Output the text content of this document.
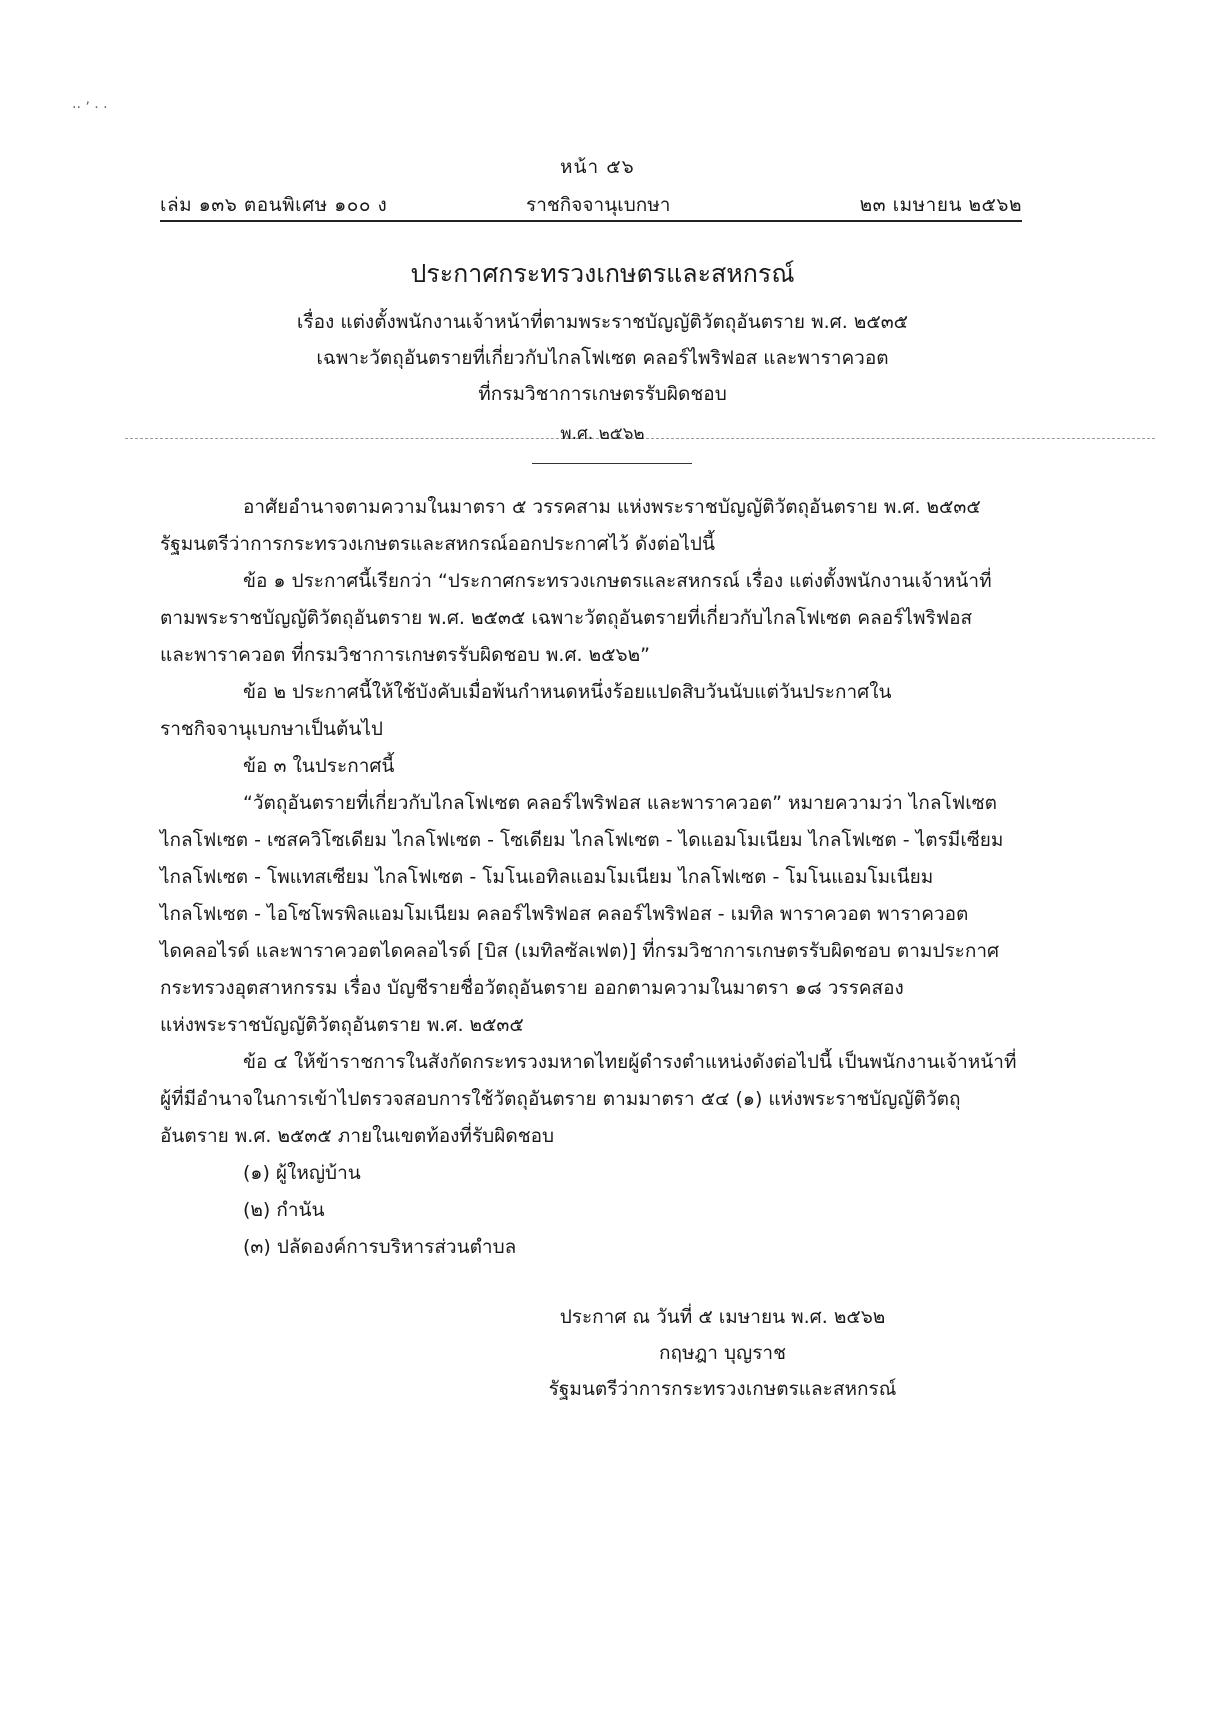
·· ’ · ·
หน้า ๕๖
เล่ม ๑๓๖ ตอนพิเศษ ๑๐๐ ง	ราชกิจจานุเบกษา	๒๓ เมษายน ๒๕๖๒
ประกาศกระทรวงเกษตรและสหกรณ์
เรื่อง แต่งตั้งพนักงานเจ้าหน้าที่ตามพระราชบัญญัติวัตถุอันตราย พ.ศ. ๒๕๓๕
เฉพาะวัตถุอันตรายที่เกี่ยวกับไกลโฟเซต คลอร์ไพริฟอส และพาราควอต
ที่กรมวิชาการเกษตรรับผิดชอบ
พ.ศ. ๒๕๖๒
อาศัยอำนาจตามความในมาตรา ๕ วรรคสาม แห่งพระราชบัญญัติวัตถุอันตราย พ.ศ. ๒๕๓๕
รัฐมนตรีว่าการกระทรวงเกษตรและสหกรณ์ออกประกาศไว้ ดังต่อไปนี้
ข้อ ๑ ประกาศนี้เรียกว่า “ประกาศกระทรวงเกษตรและสหกรณ์ เรื่อง แต่งตั้งพนักงานเจ้าหน้าที่
ตามพระราชบัญญัติวัตถุอันตราย พ.ศ. ๒๕๓๕ เฉพาะวัตถุอันตรายที่เกี่ยวกับไกลโฟเซต คลอร์ไพริฟอส
และพาราควอต ที่กรมวิชาการเกษตรรับผิดชอบ พ.ศ. ๒๕๖๒”
ข้อ ๒ ประกาศนี้ให้ใช้บังคับเมื่อพ้นกำหนดหนึ่งร้อยแปดสิบวันนับแต่วันประกาศใน
ราชกิจจานุเบกษาเป็นต้นไป
ข้อ ๓ ในประกาศนี้
“วัตถุอันตรายที่เกี่ยวกับไกลโฟเซต คลอร์ไพริฟอส และพาราควอต” หมายความว่า ไกลโฟเซต
ไกลโฟเซต - เซสควิโซเดียม ไกลโฟเซต - โซเดียม ไกลโฟเซต - ไดแอมโมเนียม ไกลโฟเซต - ไตรมีเซียม
ไกลโฟเซต - โพแทสเซียม ไกลโฟเซต - โมโนเอทิลแอมโมเนียม ไกลโฟเซต - โมโนแอมโมเนียม
ไกลโฟเซต - ไอโซโพรพิลแอมโมเนียม คลอร์ไพริฟอส คลอร์ไพริฟอส - เมทิล พาราควอต พาราควอต
ไดคลอไรด์ และพาราควอตไดคลอไรด์ [บิส (เมทิลซัลเฟต)] ที่กรมวิชาการเกษตรรับผิดชอบ ตามประกาศ
กระทรวงอุตสาหกรรม เรื่อง บัญชีรายชื่อวัตถุอันตราย ออกตามความในมาตรา ๑๘ วรรคสอง
แห่งพระราชบัญญัติวัตถุอันตราย พ.ศ. ๒๕๓๕
ข้อ ๔ ให้ข้าราชการในสังกัดกระทรวงมหาดไทยผู้ดำรงตำแหน่งดังต่อไปนี้ เป็นพนักงานเจ้าหน้าที่
ผู้ที่มีอำนาจในการเข้าไปตรวจสอบการใช้วัตถุอันตราย ตามมาตรา ๕๔ (๑) แห่งพระราชบัญญัติวัตถุ
อันตราย พ.ศ. ๒๕๓๕ ภายในเขตท้องที่รับผิดชอบ
(๑) ผู้ใหญ่บ้าน
(๒) กำนัน
(๓) ปลัดองค์การบริหารส่วนตำบล
ประกาศ ณ วันที่ ๕ เมษายน พ.ศ. ๒๕๖๒
กฤษฎา บุญราช
รัฐมนตรีว่าการกระทรวงเกษตรและสหกรณ์
